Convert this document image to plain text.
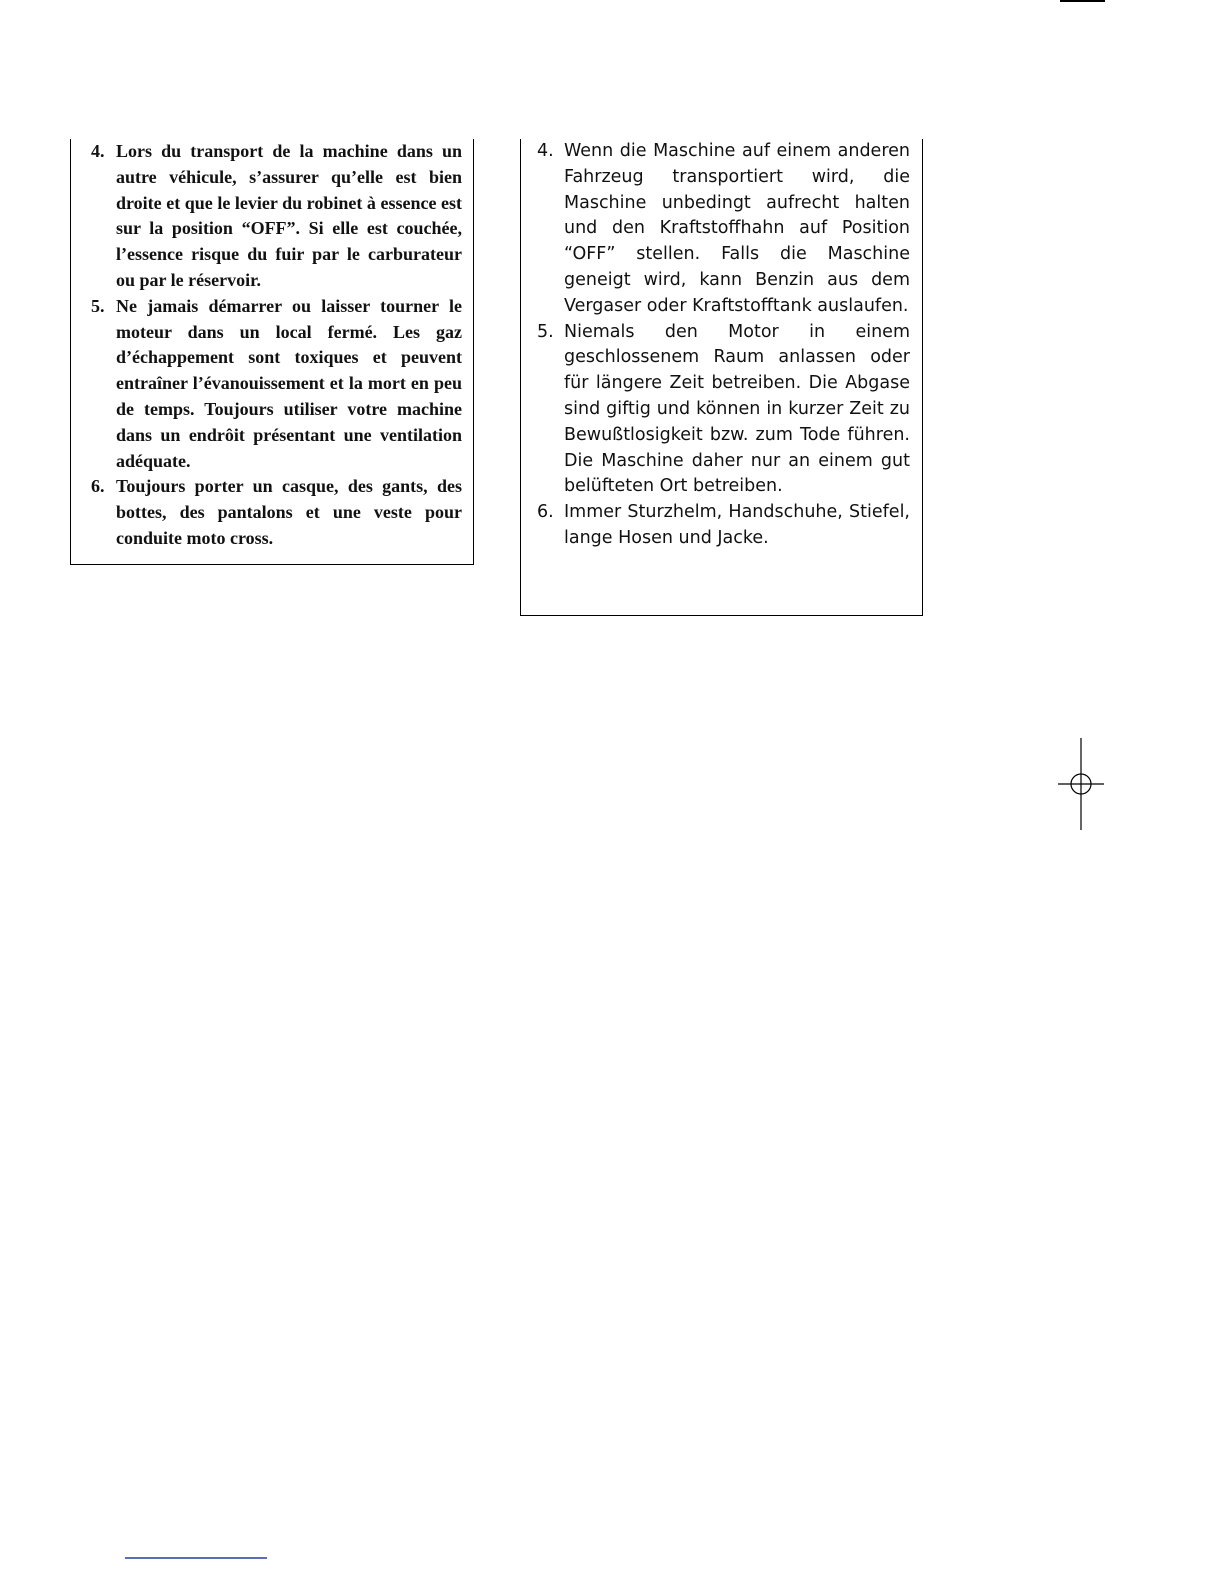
4. Lors du transport de la machine dans un autre véhicule, s’assurer qu’elle est bien droite et que le levier du robinet à essence est sur la position “OFF”. Si elle est couchée, l’essence risque du fuir par le carburateur ou par le réservoir.
5. Ne jamais démarrer ou laisser tourner le moteur dans un local fermé. Les gaz d’échappement sont toxiques et peuvent entraîner l’évanouissement et la mort en peu de temps. Toujours utiliser votre machine dans un endrôit présentant une ventilation adéquate.
6. Toujours porter un casque, des gants, des bottes, des pantalons et une veste pour conduite moto cross.
4. Wenn die Maschine auf einem anderen Fahrzeug transportiert wird, die Maschine unbedingt aufrecht halten und den Kraftstoffhahn auf Position “OFF” stellen. Falls die Maschine geneigt wird, kann Benzin aus dem Vergaser oder Kraftstofftank auslaufen.
5. Niemals den Motor in einem geschlossenem Raum anlassen oder für längere Zeit betreiben. Die Abgase sind giftig und können in kurzer Zeit zu Bewußtlosigkeit bzw. zum Tode führen. Die Maschine daher nur an einem gut belüfteten Ort betreiben.
6. Immer Sturzhelm, Handschuhe, Stiefel, lange Hosen und Jacke.
